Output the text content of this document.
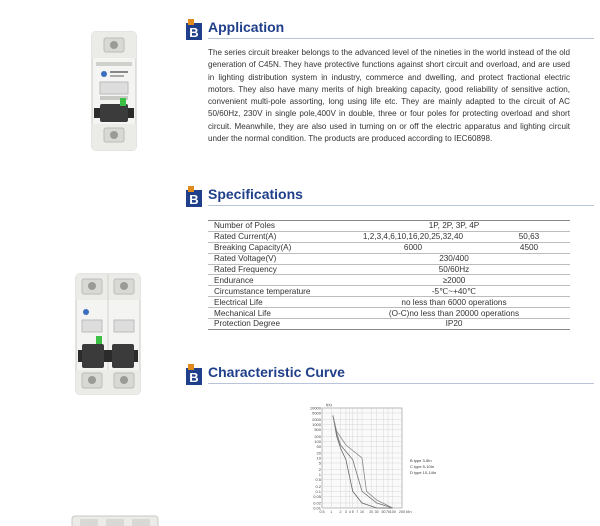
B Application

The series circuit breaker belongs to the advanced level of the nineties in the world instead of the old generation of C45N. They have protective functions against short circuit and overload, and are used in lighting distribution system in industry, commerce and dwelling, and protect fractional electric motors. They also have many merits of high breaking capacity, good reliability of sensitive action, convenient multi-pole assorting, long using life etc. They are mainly adapted to the circuit of AC 50/60Hz, 230V in single pole,400V in double, three or four poles for protecting overload and short circuit. Meanwhile, they are also used in turning on or off the electric apparatus and lighting circuit under the normal condition. The products are produced according to IEC60898.

B Specifications
Number of Poles	1P, 2P, 3P, 4P	
Rated Current(A)	1,2,3,4,6,10,16,20,25,32,40	50,63
Breaking Capacity(A)	6000	4500
Rated Voltage(V)	230/400	
Rated Frequency	50/60Hz	
Endurance	≥2000	
Circumstance temperature	-5℃~+40℃	
Electrical Life	no less than 6000 operations	
Mechanical Life	(O-C)no less than 20000 operations	
Protection Degree	IP20	
B Characteristic Curve
10000
5000
2000
1000
500
200
100
50
20
10
5
2
1
0.5
0.2
0.1
0.05
0.02
0.01
0.5 1 2 3 4 5 7 10 20 30 50 70 100 200
t(s)
I/In
B type 3-5In
C type 5-10In
D type 10-14In
